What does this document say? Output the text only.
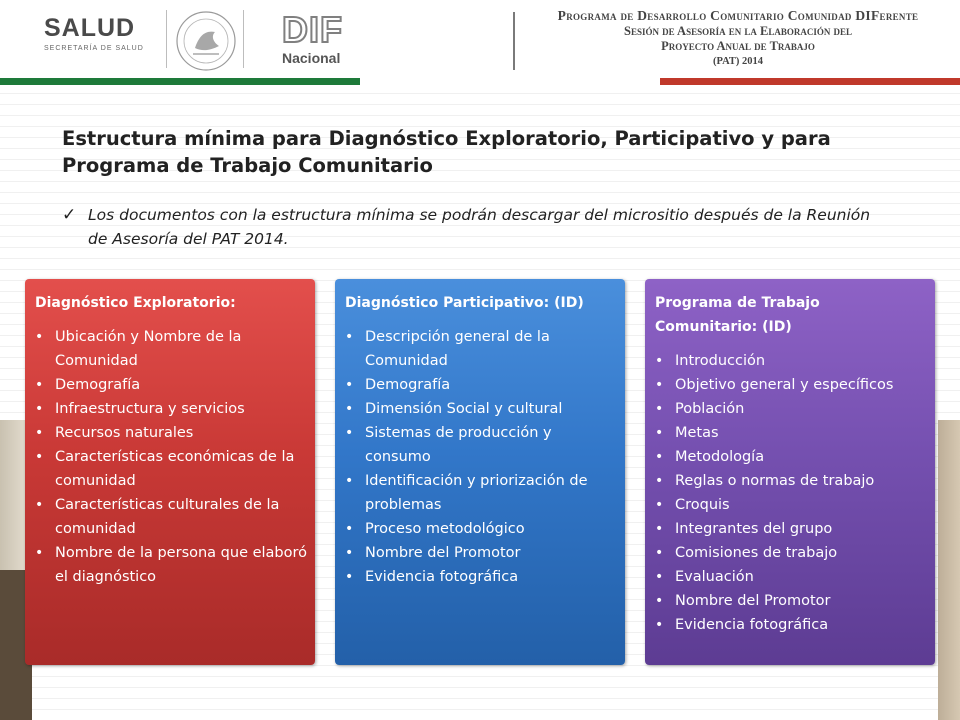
SALUD
SECRETARÍA DE SALUD	DIF
Nacional
Programa de Desarrollo Comunitario Comunidad DIFerente
Sesión de Asesoría en la Elaboración del
Proyecto Anual de Trabajo
(PAT) 2014
Estructura mínima para Diagnóstico Exploratorio, Participativo y para
Programa de Trabajo Comunitario
✓ Los documentos con la estructura mínima se podrán descargar del micrositio después de la Reunión de Asesoría del PAT 2014.
Diagnóstico Exploratorio:
• Ubicación y Nombre de la Comunidad
• Demografía
• Infraestructura y servicios
• Recursos naturales
• Características económicas de la comunidad
• Características culturales de la comunidad
• Nombre de la persona que elaboró el diagnóstico
Diagnóstico Participativo: (ID)
• Descripción general de la Comunidad
• Demografía
• Dimensión Social y cultural
• Sistemas de producción y consumo
• Identificación y priorización de problemas
• Proceso metodológico
• Nombre del Promotor
• Evidencia fotográfica
Programa de Trabajo Comunitario: (ID)
• Introducción
• Objetivo general y específicos
• Población
• Metas
• Metodología
• Reglas o normas de trabajo
• Croquis
• Integrantes del grupo
• Comisiones de trabajo
• Evaluación
• Nombre del Promotor
• Evidencia fotográfica
